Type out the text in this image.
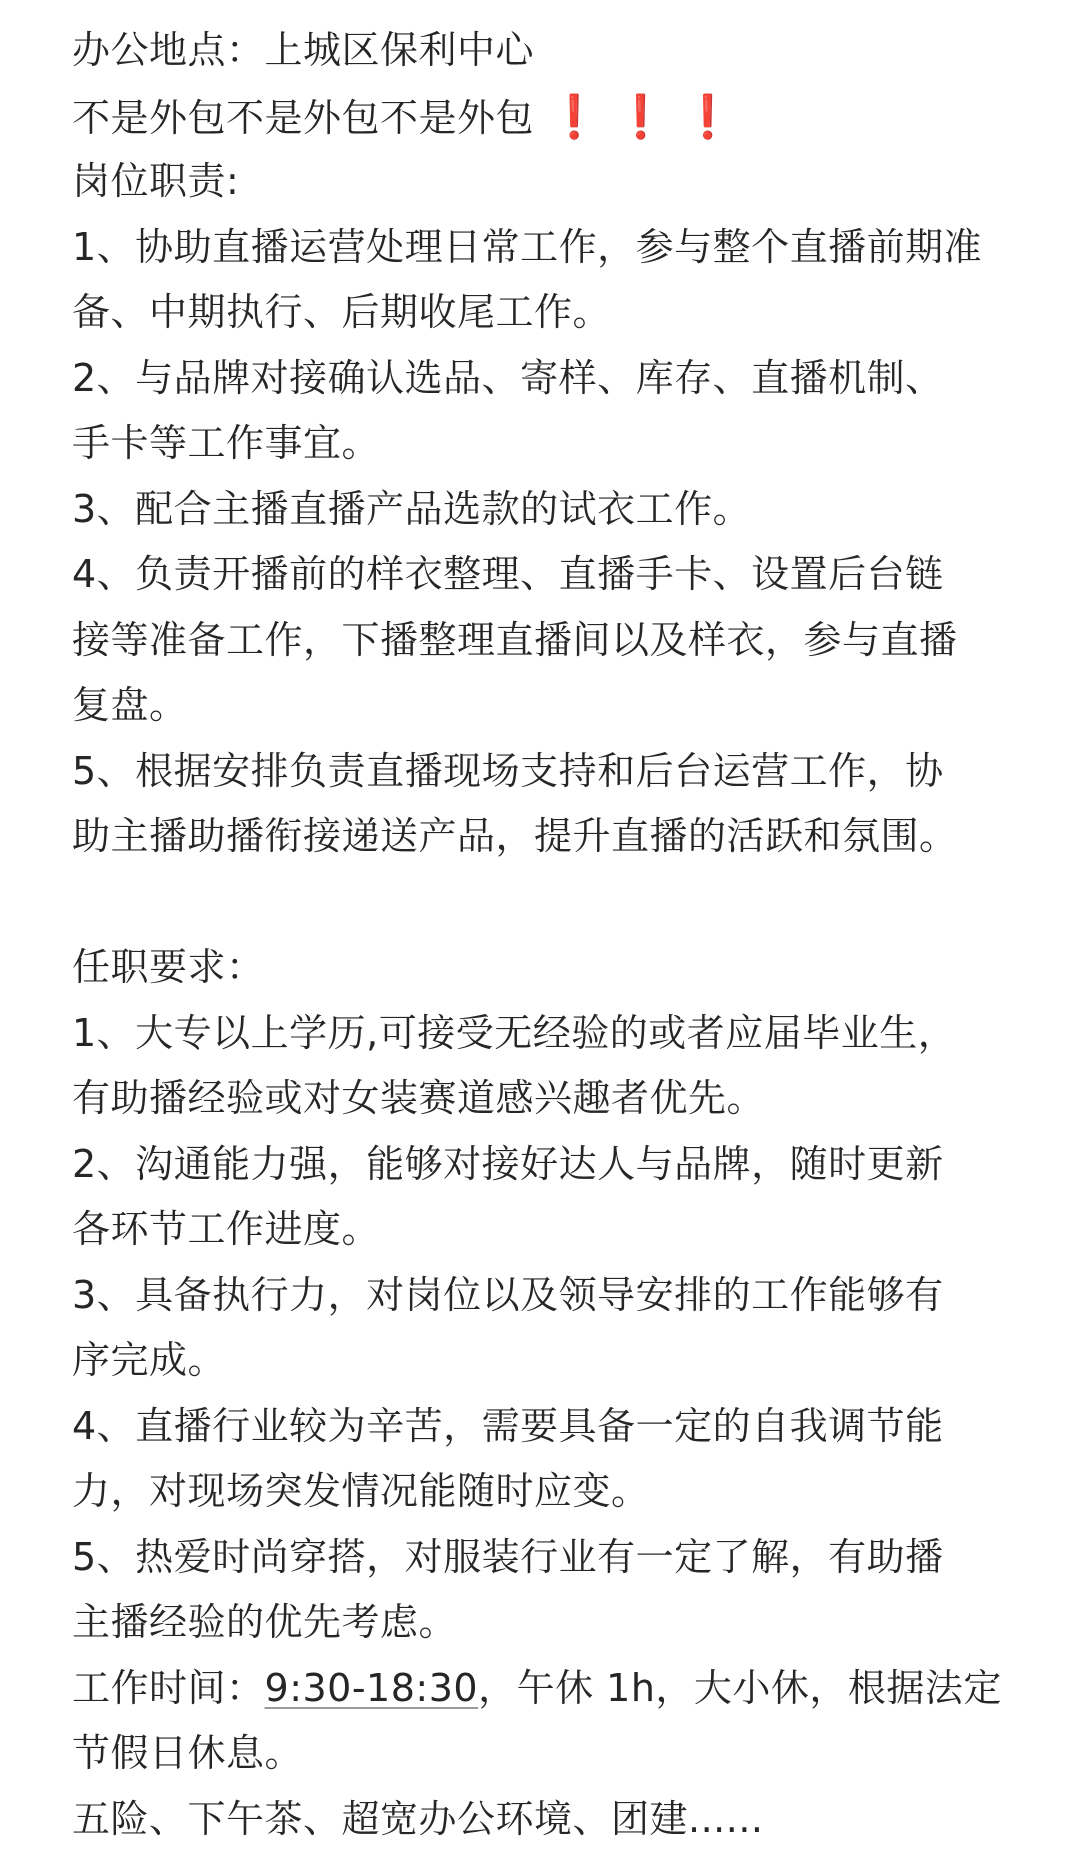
办公地点：上城区保利中心
不是外包不是外包不是外包 ❗ ❗ ❗
岗位职责:
1、协助直播运营处理日常工作，参与整个直播前期准
备、中期执行、后期收尾工作。
2、与品牌对接确认选品、寄样、库存、直播机制、
手卡等工作事宜。
3、配合主播直播产品选款的试衣工作。
4、负责开播前的样衣整理、直播手卡、设置后台链
接等准备工作，下播整理直播间以及样衣，参与直播
复盘。
5、根据安排负责直播现场支持和后台运营工作，协
助主播助播衔接递送产品，提升直播的活跃和氛围。
任职要求：
1、大专以上学历,可接受无经验的或者应届毕业生，
有助播经验或对女装赛道感兴趣者优先。
2、沟通能力强，能够对接好达人与品牌，随时更新
各环节工作进度。
3、具备执行力，对岗位以及领导安排的工作能够有
序完成。
4、直播行业较为辛苦，需要具备一定的自我调节能
力，对现场突发情况能随时应变。
5、热爱时尚穿搭，对服装行业有一定了解，有助播
主播经验的优先考虑。
工作时间：9:30-18:30，午休 1h，大小休，根据法定
节假日休息。
五险、下午茶、超宽办公环境、团建......
